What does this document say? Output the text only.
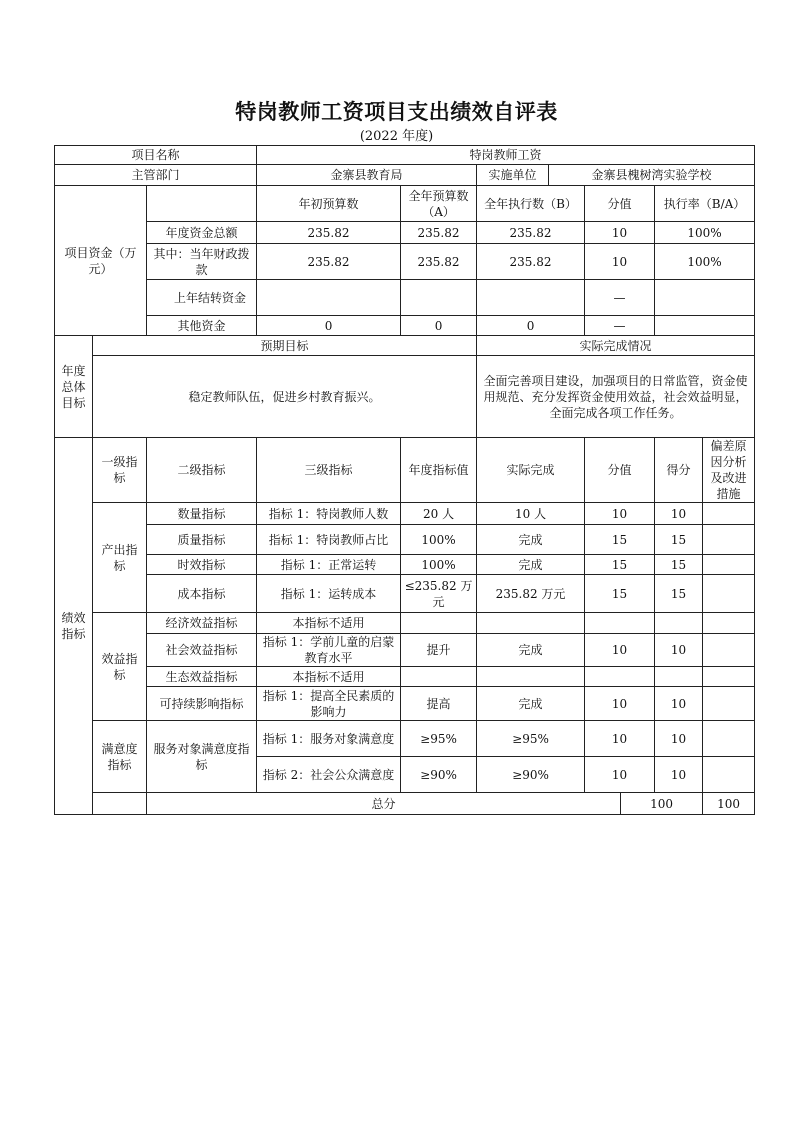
特岗教师工资项目支出绩效自评表
(2022 年度)
项目名称			特岗教师工资								
主管部门			金寨县教育局		实施单位	金寨县槐树湾实验学校					
项目资金（万元）			年初预算数	全年预算数（A）	全年执行数（B）		分值		执行率（B/A）	
		年度资金总额	235.82	235.82	235.82		10		100%	
		其中：当年财政拨款	235.82	235.82	235.82		10		100%	
		上年结转资金					—		
		其他资金	0	0	0		—		
年度总体目标	预期目标				实际完成情况						
	稳定教师队伍，促进乡村教育振兴。				全面完善项目建设，加强项目的日常监管，资金使用规范、充分发挥资金使用效益，社会效益明显，全面完成各项工作任务。						
绩效指标	一级指标	二级指标	三级指标	年度指标值	实际完成		分值		得分	偏差原因分析及改进措施	
	产出指标	数量指标	指标 1：特岗教师人数	20 人	10 人		10		10		
		质量指标	指标 1：特岗教师占比	100%	完成		15		15		
		时效指标	指标 1：正常运转	100%	完成		15		15		
		成本指标	指标 1：运转成本	≤235.82 万元	235.82 万元		15		15		
	效益指标	经济效益指标	本指标不适用								
		社会效益指标	指标 1：学前儿童的启蒙教育水平	提升	完成		10		10		
		生态效益指标	本指标不适用								
		可持续影响指标	指标 1：提高全民素质的影响力	提高	完成		10		10		
	满意度指标	服务对象满意度指标	指标 1：服务对象满意度	≥95%	≥95%		10		10		
			指标 2：社会公众满意度	≥90%	≥90%		10		10		
		总分						100		100	
